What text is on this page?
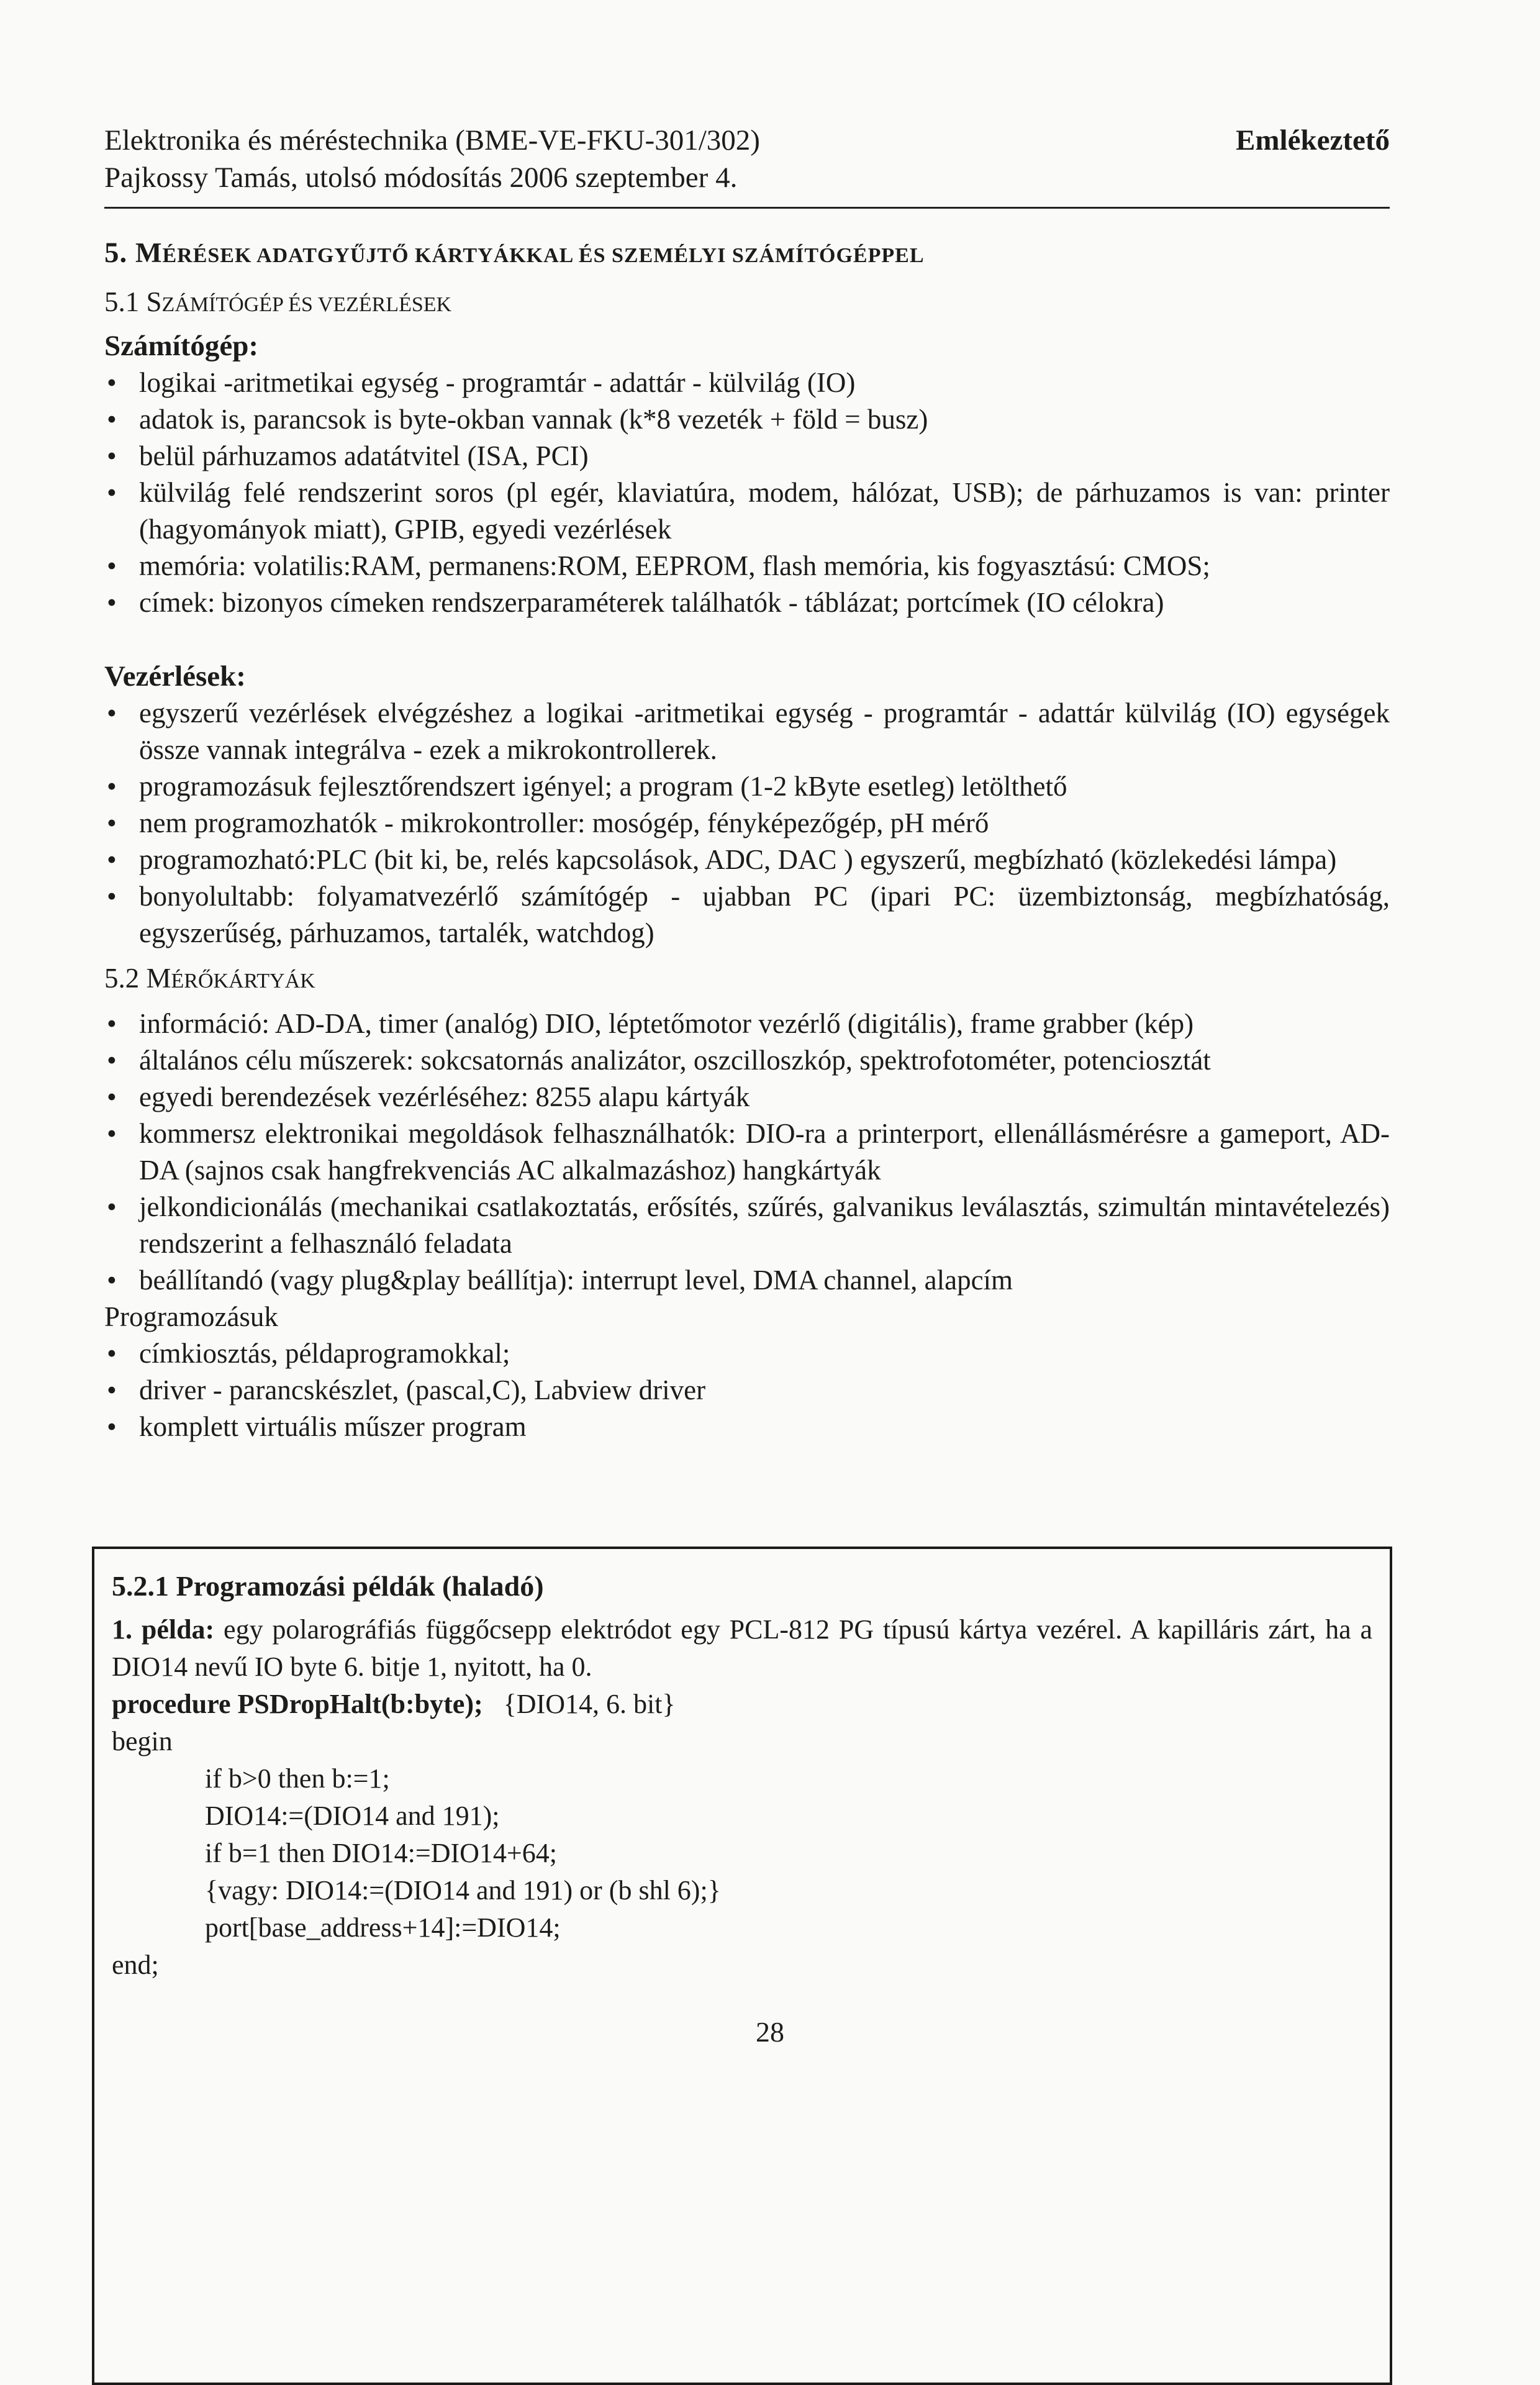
Elektronika és méréstechnika (BME-VE-FKU-301/302)
Pajkossy Tamás, utolsó módosítás 2006 szeptember 4.
Emlékeztető
5. MÉRÉSEK ADATGYŰJTŐ KÁRTYÁKKAL ÉS SZEMÉLYI SZÁMÍTÓGÉPPEL
5.1 SZÁMÍTÓGÉP ÉS VEZÉRLÉSEK
Számítógép:
• logikai -aritmetikai egység - programtár - adattár - külvilág (IO)
• adatok is, parancsok is byte-okban vannak (k*8 vezeték + föld = busz)
• belül párhuzamos adatátvitel (ISA, PCI)
• külvilág felé rendszerint soros (pl egér, klaviatúra, modem, hálózat, USB); de párhuzamos is van: printer (hagyományok miatt), GPIB, egyedi vezérlések
• memória: volatilis:RAM, permanens:ROM, EEPROM, flash memória, kis fogyasztású: CMOS;
• címek: bizonyos címeken rendszerparaméterek találhatók - táblázat; portcímek (IO célokra)
Vezérlések:
• egyszerű vezérlések elvégzéshez a logikai -aritmetikai egység - programtár - adattár külvilág (IO) egységek össze vannak integrálva - ezek a mikrokontrollerek.
• programozásuk fejlesztőrendszert igényel; a program (1-2 kByte esetleg) letölthető
• nem programozhatók - mikrokontroller: mosógép, fényképezőgép, pH mérő
• programozható:PLC (bit ki, be, relés kapcsolások, ADC, DAC ) egyszerű, megbízható (közlekedési lámpa)
• bonyolultabb: folyamatvezérlő számítógép - ujabban PC (ipari PC: üzembiztonság, megbízhatóság, egyszerűség, párhuzamos, tartalék, watchdog)
5.2 MÉRŐKÁRTYÁK
• információ: AD-DA, timer (analóg) DIO, léptetőmotor vezérlő (digitális), frame grabber (kép)
• általános célu műszerek: sokcsatornás analizátor, oszcilloszkóp, spektrofotométer, potenciosztát
• egyedi berendezések vezérléséhez: 8255 alapu kártyák
• kommersz elektronikai megoldások felhasználhatók: DIO-ra a printerport, ellenállásmérésre a gameport, AD-DA (sajnos csak hangfrekvenciás AC alkalmazáshoz) hangkártyák
• jelkondicionálás (mechanikai csatlakoztatás, erősítés, szűrés, galvanikus leválasztás, szimultán mintavételezés) rendszerint a felhasználó feladata
• beállítandó (vagy plug&play beállítja): interrupt level, DMA channel, alapcím

Programozásuk

• címkiosztás, példaprogramokkal;
• driver - parancskészlet, (pascal,C), Labview driver
• komplett virtuális műszer program
5.2.1 Programozási példák (haladó)

1. példa: egy polarográfiás függőcsepp elektródot egy PCL-812 PG típusú kártya vezérel. A kapilláris zárt, ha a DIO14 nevű IO byte 6. bitje 1, nyitott, ha 0.

procedure PSDropHalt(b:byte);   {DIO14, 6. bit}
begin
if b>0 then b:=1;
DIO14:=(DIO14 and 191);
if b=1 then DIO14:=DIO14+64;
{vagy: DIO14:=(DIO14 and 191) or (b shl 6);}
port[base_address+14]:=DIO14;
end;
28
